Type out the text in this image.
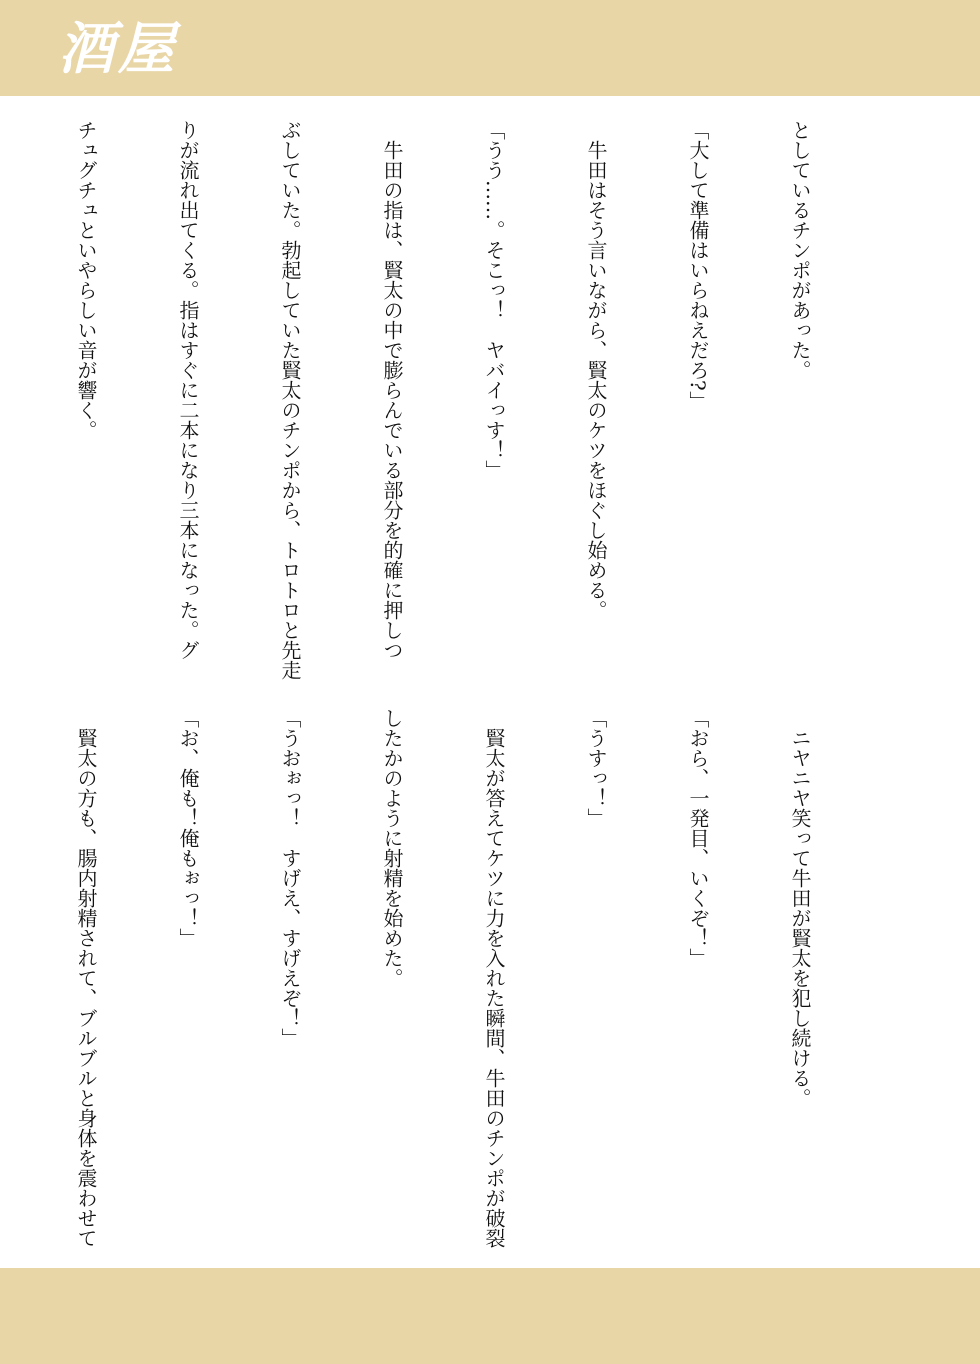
酒屋

としているチンポがあった。

「大して準備はいらねえだろ?」

　牛田はそう言いながら、賢太のケツをほぐし始める。

「うう……。そこっ！　ヤバイっす！」

　牛田の指は、賢太の中で膨らんでいる部分を的確に押しつ

ぶしていた。勃起していた賢太のチンポから、トロトロと先走

りが流れ出てくる。指はすぐに二本になり三本になった。グ

チュグチュといやらしい音が響く。

　ニヤニヤ笑って牛田が賢太を犯し続ける。

「おら、一発目、いくぞ！」

「うすっ！」

　賢太が答えてケツに力を入れた瞬間、牛田のチンポが破裂

したかのように射精を始めた。

「うおぉっ！　すげえ、すげえぞ！」

「お、俺も！俺もぉっ！」

　賢太の方も、腸内射精されて、ブルブルと身体を震わせて
